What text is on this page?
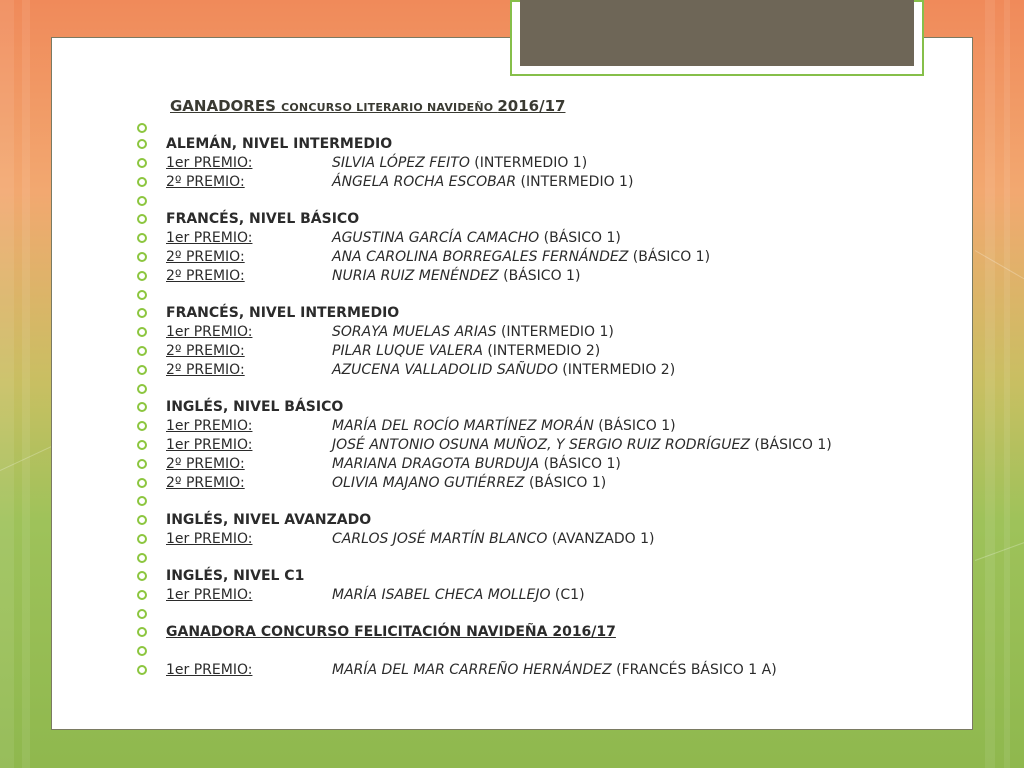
GANADORES CONCURSO LITERARIO NAVIDEÑO 2016/17
ALEMÁN, NIVEL INTERMEDIO
1er PREMIO:	SILVIA LÓPEZ FEITO (INTERMEDIO 1)
2º PREMIO:	ÁNGELA ROCHA ESCOBAR (INTERMEDIO 1)
FRANCÉS, NIVEL BÁSICO
1er PREMIO:	AGUSTINA GARCÍA CAMACHO (BÁSICO 1)
2º PREMIO:	ANA CAROLINA BORREGALES FERNÁNDEZ (BÁSICO 1)
2º PREMIO:	NURIA RUIZ MENÉNDEZ (BÁSICO 1)
FRANCÉS, NIVEL INTERMEDIO
1er PREMIO:	SORAYA MUELAS ARIAS (INTERMEDIO 1)
2º PREMIO:	PILAR LUQUE VALERA (INTERMEDIO 2)
2º PREMIO:	AZUCENA VALLADOLID SAÑUDO (INTERMEDIO 2)
INGLÉS, NIVEL BÁSICO
1er PREMIO:	MARÍA DEL ROCÍO MARTÍNEZ MORÁN (BÁSICO 1)
1er PREMIO:	JOSÉ ANTONIO OSUNA MUÑOZ, Y SERGIO RUIZ RODRÍGUEZ (BÁSICO 1)
2º PREMIO:	MARIANA DRAGOTA BURDUJA (BÁSICO 1)
2º PREMIO:	OLIVIA MAJANO GUTIÉRREZ (BÁSICO 1)
INGLÉS, NIVEL AVANZADO
1er PREMIO:	CARLOS JOSÉ MARTÍN BLANCO (AVANZADO 1)
INGLÉS, NIVEL C1
1er PREMIO:	MARÍA ISABEL CHECA MOLLEJO (C1)
GANADORA CONCURSO FELICITACIÓN NAVIDEÑA 2016/17
1er PREMIO:	MARÍA DEL MAR CARREÑO HERNÁNDEZ (FRANCÉS BÁSICO 1 A)
